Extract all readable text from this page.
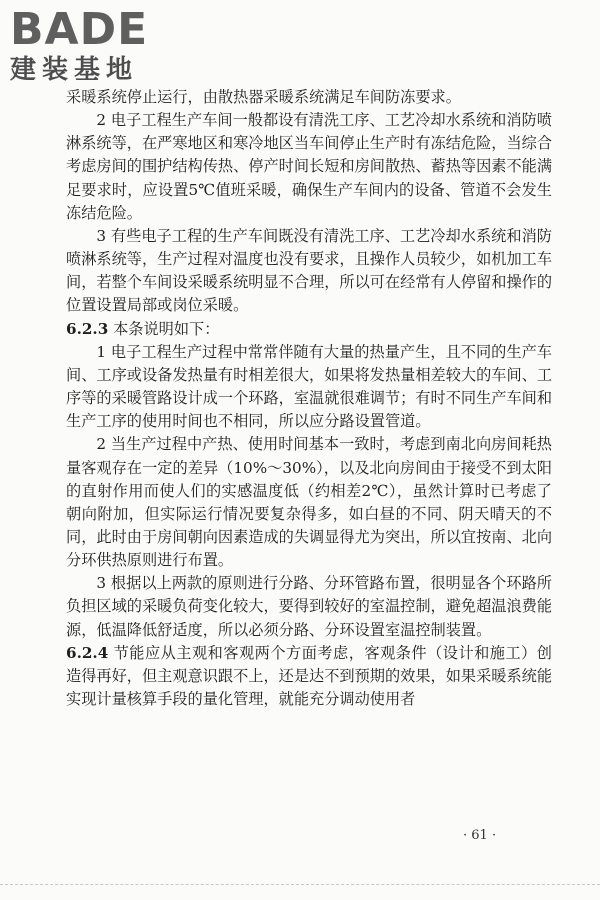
BADE
建装基地

采暖系统停止运行，由散热器采暖系统满足车间防冻要求。

2 电子工程生产车间一般都设有清洗工序、工艺冷却水系统和消防喷淋系统等，在严寒地区和寒冷地区当车间停止生产时有冻结危险，当综合考虑房间的围护结构传热、停产时间长短和房间散热、蓄热等因素不能满足要求时，应设置5℃值班采暖，确保生产车间内的设备、管道不会发生冻结危险。

3 有些电子工程的生产车间既没有清洗工序、工艺冷却水系统和消防喷淋系统等，生产过程对温度也没有要求，且操作人员较少，如机加工车间，若整个车间设采暖系统明显不合理，所以可在经常有人停留和操作的位置设置局部或岗位采暖。

6.2.3 本条说明如下：

1 电子工程生产过程中常常伴随有大量的热量产生，且不同的生产车间、工序或设备发热量有时相差很大，如果将发热量相差较大的车间、工序等的采暖管路设计成一个环路，室温就很难调节；有时不同生产车间和生产工序的使用时间也不相同，所以应分路设置管道。

2 当生产过程中产热、使用时间基本一致时，考虑到南北向房间耗热量客观存在一定的差异（10%～30%），以及北向房间由于接受不到太阳的直射作用而使人们的实感温度低（约相差2℃），虽然计算时已考虑了朝向附加，但实际运行情况要复杂得多，如白昼的不同、阴天晴天的不同，此时由于房间朝向因素造成的失调显得尤为突出，所以宜按南、北向分环供热原则进行布置。

3 根据以上两款的原则进行分路、分环管路布置，很明显各个环路所负担区域的采暖负荷变化较大，要得到较好的室温控制，避免超温浪费能源，低温降低舒适度，所以必须分路、分环设置室温控制装置。

6.2.4 节能应从主观和客观两个方面考虑，客观条件（设计和施工）创造得再好，但主观意识跟不上，还是达不到预期的效果，如果采暖系统能实现计量核算手段的量化管理，就能充分调动使用者

· 61 ·
